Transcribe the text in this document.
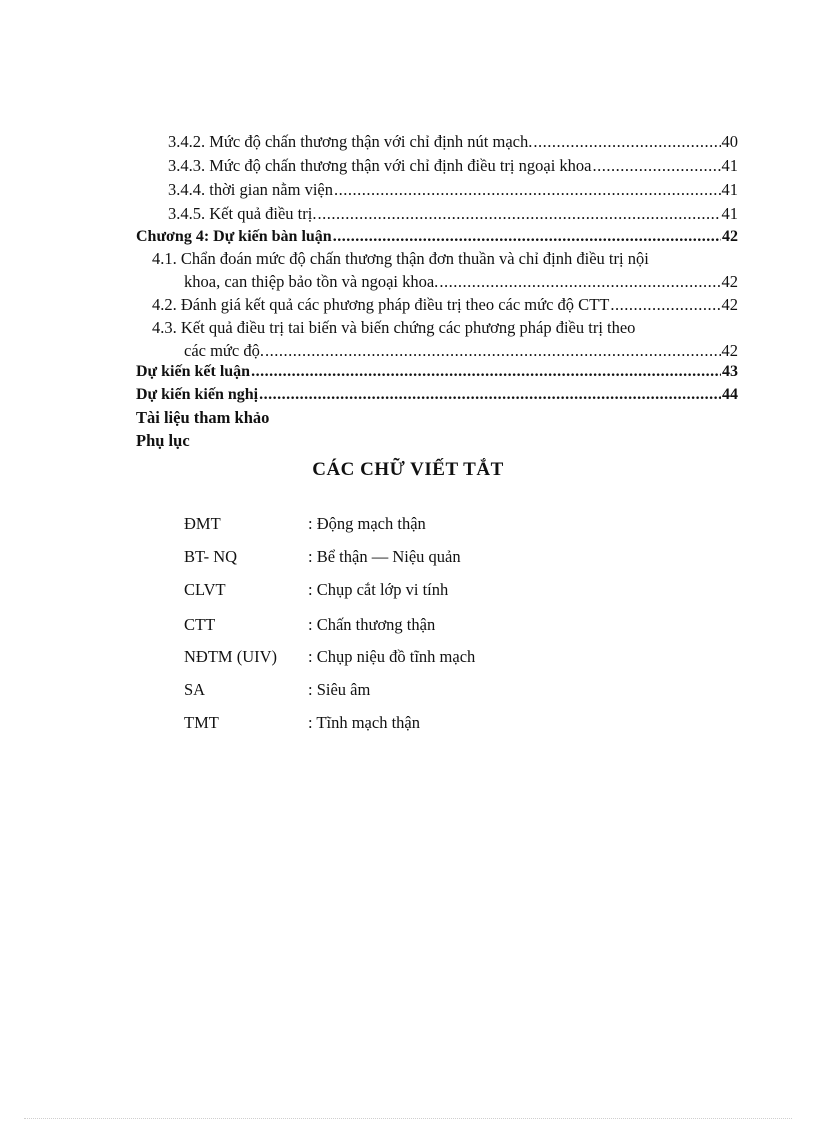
3.4.2. Mức độ chấn thương thận với chỉ định nút mạch. .....	40
3.4.3. Mức độ chấn thương thận với chỉ định điều trị ngoại khoa .....	41
3.4.4. thời gian nằm viện .....	41
3.4.5. Kết quả điều trị. .....	41
Chương 4: Dự kiến bàn luận .....	42
4.1. Chẩn đoán mức độ chấn thương thận đơn thuần và chỉ định điều trị nội
khoa, can thiệp bảo tồn và ngoại khoa. .....	42
4.2. Đánh giá kết quả các phương pháp điều trị theo các mức độ CTT .....	42
4.3. Kết quả điều trị tai biến và biến chứng các phương pháp điều trị theo
các mức độ. .....	42
Dự kiến kết luận .....	43
Dự kiến kiến nghị .....	44
Tài liệu tham khảo
Phụ lục
CÁC CHỮ VIẾT TẮT
ĐMT	: Động mạch thận
BT- NQ	: Bể thận — Niệu quản
CLVT	: Chụp cắt lớp vi tính
CTT	: Chấn thương thận
NĐTM (UIV) : Chụp niệu đồ tĩnh mạch
SA	: Siêu âm
TMT	: Tĩnh mạch thận
